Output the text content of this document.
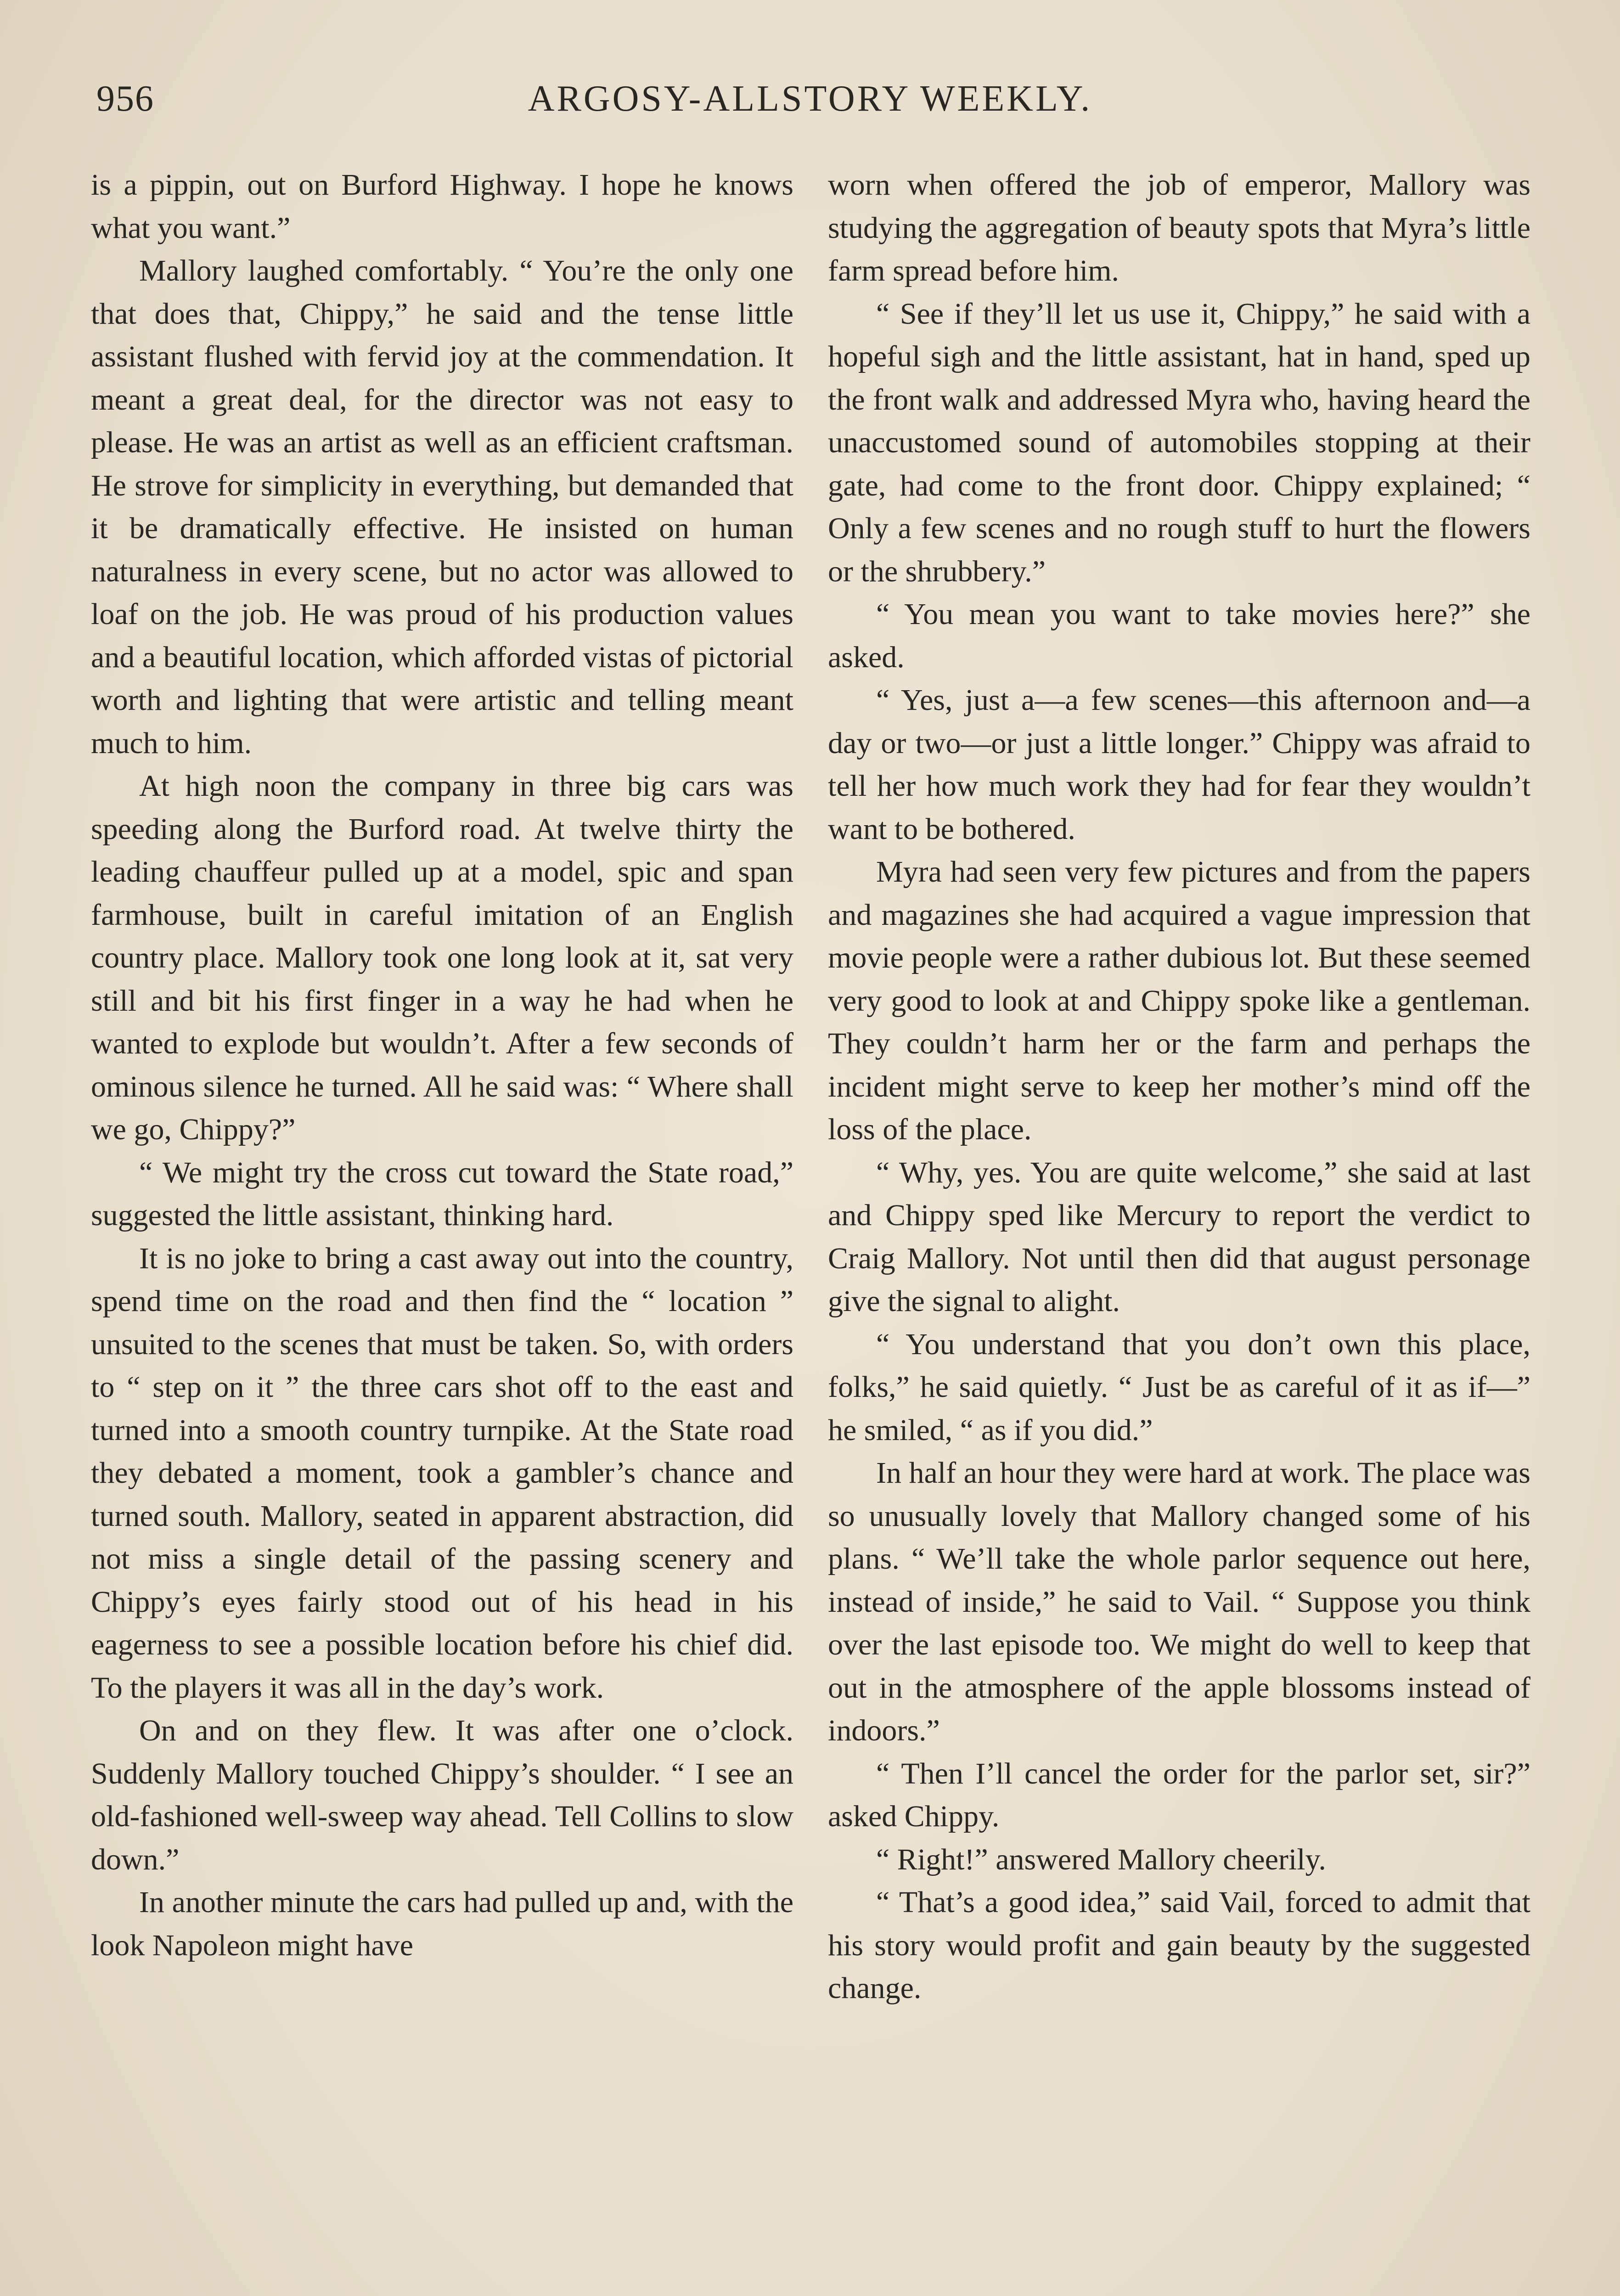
956	ARGOSY-ALLSTORY WEEKLY.

is a pippin, out on Burford Highway. I hope he knows what you want.”

Mallory laughed comfortably. “ You’re the only one that does that, Chippy,” he said and the tense little assistant flushed with fervid joy at the commendation. It meant a great deal, for the director was not easy to please. He was an artist as well as an efficient craftsman. He strove for simplicity in everything, but demanded that it be dramatically effective. He insisted on human naturalness in every scene, but no actor was allowed to loaf on the job. He was proud of his production values and a beautiful location, which afforded vistas of pictorial worth and lighting that were artistic and telling meant much to him.

At high noon the company in three big cars was speeding along the Burford road. At twelve thirty the leading chauffeur pulled up at a model, spic and span farmhouse, built in careful imitation of an English country place. Mallory took one long look at it, sat very still and bit his first finger in a way he had when he wanted to explode but wouldn’t. After a few seconds of ominous silence he turned. All he said was: “ Where shall we go, Chippy?”

“ We might try the cross cut toward the State road,” suggested the little assistant, thinking hard.

It is no joke to bring a cast away out into the country, spend time on the road and then find the “ location ” unsuited to the scenes that must be taken. So, with orders to “ step on it ” the three cars shot off to the east and turned into a smooth country turnpike. At the State road they debated a moment, took a gambler’s chance and turned south. Mallory, seated in apparent abstraction, did not miss a single detail of the passing scenery and Chippy’s eyes fairly stood out of his head in his eagerness to see a possible location before his chief did. To the players it was all in the day’s work.

On and on they flew. It was after one o’clock. Suddenly Mallory touched Chippy’s shoulder. “ I see an old-fashioned well-sweep way ahead. Tell Collins to slow down.”

In another minute the cars had pulled up and, with the look Napoleon might have

worn when offered the job of emperor, Mallory was studying the aggregation of beauty spots that Myra’s little farm spread before him.

“ See if they’ll let us use it, Chippy,” he said with a hopeful sigh and the little assistant, hat in hand, sped up the front walk and addressed Myra who, having heard the unaccustomed sound of automobiles stopping at their gate, had come to the front door. Chippy explained; “ Only a few scenes and no rough stuff to hurt the flowers or the shrubbery.”

“ You mean you want to take movies here?” she asked.

“ Yes, just a—a few scenes—this afternoon and—a day or two—or just a little longer.” Chippy was afraid to tell her how much work they had for fear they wouldn’t want to be bothered.

Myra had seen very few pictures and from the papers and magazines she had acquired a vague impression that movie people were a rather dubious lot. But these seemed very good to look at and Chippy spoke like a gentleman. They couldn’t harm her or the farm and perhaps the incident might serve to keep her mother’s mind off the loss of the place.

“ Why, yes. You are quite welcome,” she said at last and Chippy sped like Mercury to report the verdict to Craig Mallory. Not until then did that august personage give the signal to alight.

“ You understand that you don’t own this place, folks,” he said quietly. “ Just be as careful of it as if—” he smiled, “ as if you did.”

In half an hour they were hard at work. The place was so unusually lovely that Mallory changed some of his plans. “ We’ll take the whole parlor sequence out here, instead of inside,” he said to Vail. “ Suppose you think over the last episode too. We might do well to keep that out in the atmosphere of the apple blossoms instead of indoors.”

“ Then I’ll cancel the order for the parlor set, sir?” asked Chippy.

“ Right!” answered Mallory cheerily.

“ That’s a good idea,” said Vail, forced to admit that his story would profit and gain beauty by the suggested change.
